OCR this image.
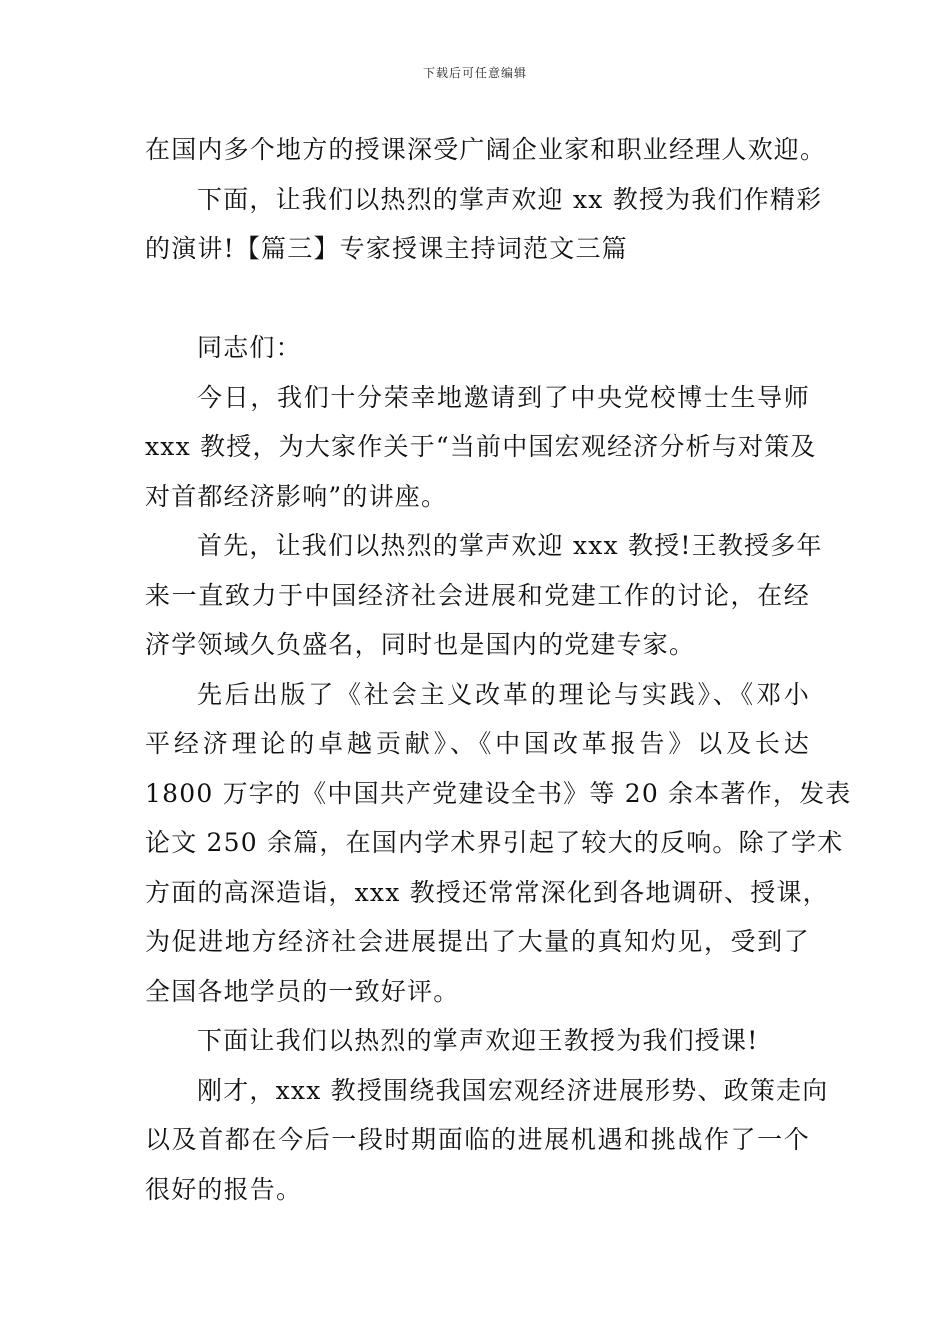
下载后可任意编辑
在国内多个地方的授课深受广阔企业家和职业经理人欢迎。
下面，让我们以热烈的掌声欢迎 xx 教授为我们作精彩
的演讲!【篇三】专家授课主持词范文三篇
同志们：
今日，我们十分荣幸地邀请到了中央党校博士生导师
xxx 教授，为大家作关于“当前中国宏观经济分析与对策及
对首都经济影响”的讲座。
首先，让我们以热烈的掌声欢迎 xxx 教授!王教授多年
来一直致力于中国经济社会进展和党建工作的讨论，在经
济学领域久负盛名，同时也是国内的党建专家。
先后出版了《社会主义改革的理论与实践》、《邓小
平经济理论的卓越贡献》、《中国改革报告》以及长达
1800 万字的《中国共产党建设全书》等 20 余本著作，发表
论文 250 余篇，在国内学术界引起了较大的反响。除了学术
方面的高深造诣，xxx 教授还常常深化到各地调研、授课，
为促进地方经济社会进展提出了大量的真知灼见，受到了
全国各地学员的一致好评。
下面让我们以热烈的掌声欢迎王教授为我们授课!
刚才，xxx 教授围绕我国宏观经济进展形势、政策走向
以及首都在今后一段时期面临的进展机遇和挑战作了一个
很好的报告。
